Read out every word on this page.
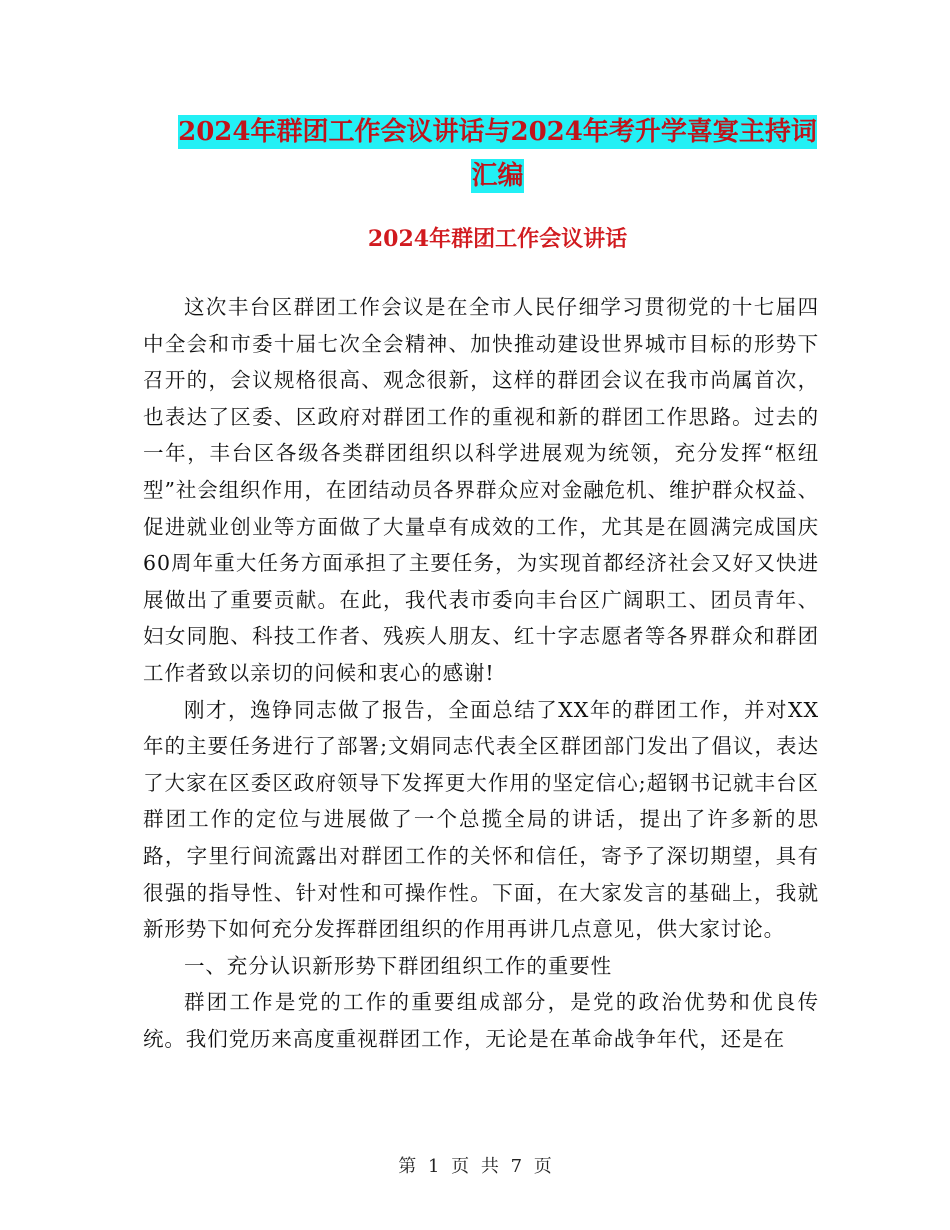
2024年群团工作会议讲话与2024年考升学喜宴主持词
汇编
2024年群团工作会议讲话

这次丰台区群团工作会议是在全市人民仔细学习贯彻党的十七届四中全会和市委十届七次全会精神、加快推动建设世界城市目标的形势下召开的，会议规格很高、观念很新，这样的群团会议在我市尚属首次，也表达了区委、区政府对群团工作的重视和新的群团工作思路。过去的一年，丰台区各级各类群团组织以科学进展观为统领，充分发挥“枢纽型”社会组织作用，在团结动员各界群众应对金融危机、维护群众权益、促进就业创业等方面做了大量卓有成效的工作，尤其是在圆满完成国庆60周年重大任务方面承担了主要任务，为实现首都经济社会又好又快进展做出了重要贡献。在此，我代表市委向丰台区广阔职工、团员青年、妇女同胞、科技工作者、残疾人朋友、红十字志愿者等各界群众和群团工作者致以亲切的问候和衷心的感谢!

刚才，逸铮同志做了报告，全面总结了XX年的群团工作，并对XX年的主要任务进行了部署;文娟同志代表全区群团部门发出了倡议，表达了大家在区委区政府领导下发挥更大作用的坚定信心;超钢书记就丰台区群团工作的定位与进展做了一个总揽全局的讲话，提出了许多新的思路，字里行间流露出对群团工作的关怀和信任，寄予了深切期望，具有很强的指导性、针对性和可操作性。下面，在大家发言的基础上，我就新形势下如何充分发挥群团组织的作用再讲几点意见，供大家讨论。

一、充分认识新形势下群团组织工作的重要性

群团工作是党的工作的重要组成部分，是党的政治优势和优良传统。我们党历来高度重视群团工作，无论是在革命战争年代，还是在

第 1 页 共 7 页
